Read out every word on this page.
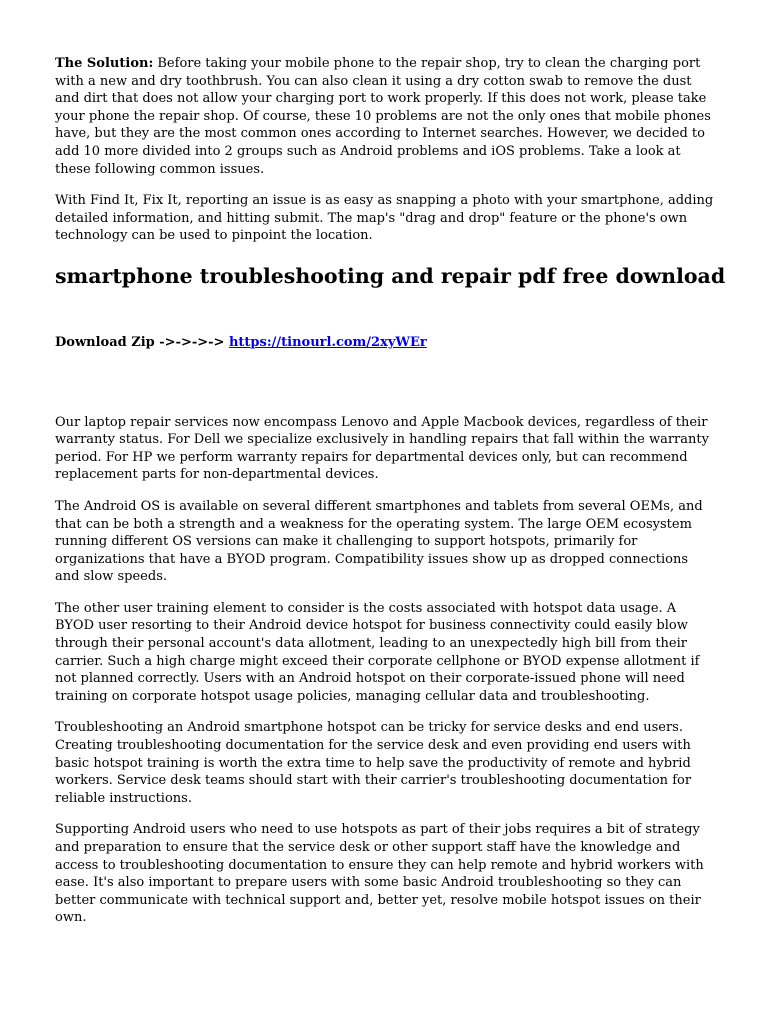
The Solution: Before taking your mobile phone to the repair shop, try to clean the charging port with a new and dry toothbrush. You can also clean it using a dry cotton swab to remove the dust and dirt that does not allow your charging port to work properly. If this does not work, please take your phone the repair shop. Of course, these 10 problems are not the only ones that mobile phones have, but they are the most common ones according to Internet searches. However, we decided to add 10 more divided into 2 groups such as Android problems and iOS problems. Take a look at these following common issues.

With Find It, Fix It, reporting an issue is as easy as snapping a photo with your smartphone, adding detailed information, and hitting submit. The map's "drag and drop" feature or the phone's own technology can be used to pinpoint the location.

smartphone troubleshooting and repair pdf free download

Download Zip ->->->-> https://tinourl.com/2xyWEr

Our laptop repair services now encompass Lenovo and Apple Macbook devices, regardless of their warranty status. For Dell we specialize exclusively in handling repairs that fall within the warranty period. For HP we perform warranty repairs for departmental devices only, but can recommend replacement parts for non-departmental devices.

The Android OS is available on several different smartphones and tablets from several OEMs, and that can be both a strength and a weakness for the operating system. The large OEM ecosystem running different OS versions can make it challenging to support hotspots, primarily for organizations that have a BYOD program. Compatibility issues show up as dropped connections and slow speeds.

The other user training element to consider is the costs associated with hotspot data usage. A BYOD user resorting to their Android device hotspot for business connectivity could easily blow through their personal account's data allotment, leading to an unexpectedly high bill from their carrier. Such a high charge might exceed their corporate cellphone or BYOD expense allotment if not planned correctly. Users with an Android hotspot on their corporate-issued phone will need training on corporate hotspot usage policies, managing cellular data and troubleshooting.

Troubleshooting an Android smartphone hotspot can be tricky for service desks and end users. Creating troubleshooting documentation for the service desk and even providing end users with basic hotspot training is worth the extra time to help save the productivity of remote and hybrid workers. Service desk teams should start with their carrier's troubleshooting documentation for reliable instructions.

Supporting Android users who need to use hotspots as part of their jobs requires a bit of strategy and preparation to ensure that the service desk or other support staff have the knowledge and access to troubleshooting documentation to ensure they can help remote and hybrid workers with ease. It's also important to prepare users with some basic Android troubleshooting so they can better communicate with technical support and, better yet, resolve mobile hotspot issues on their own.
